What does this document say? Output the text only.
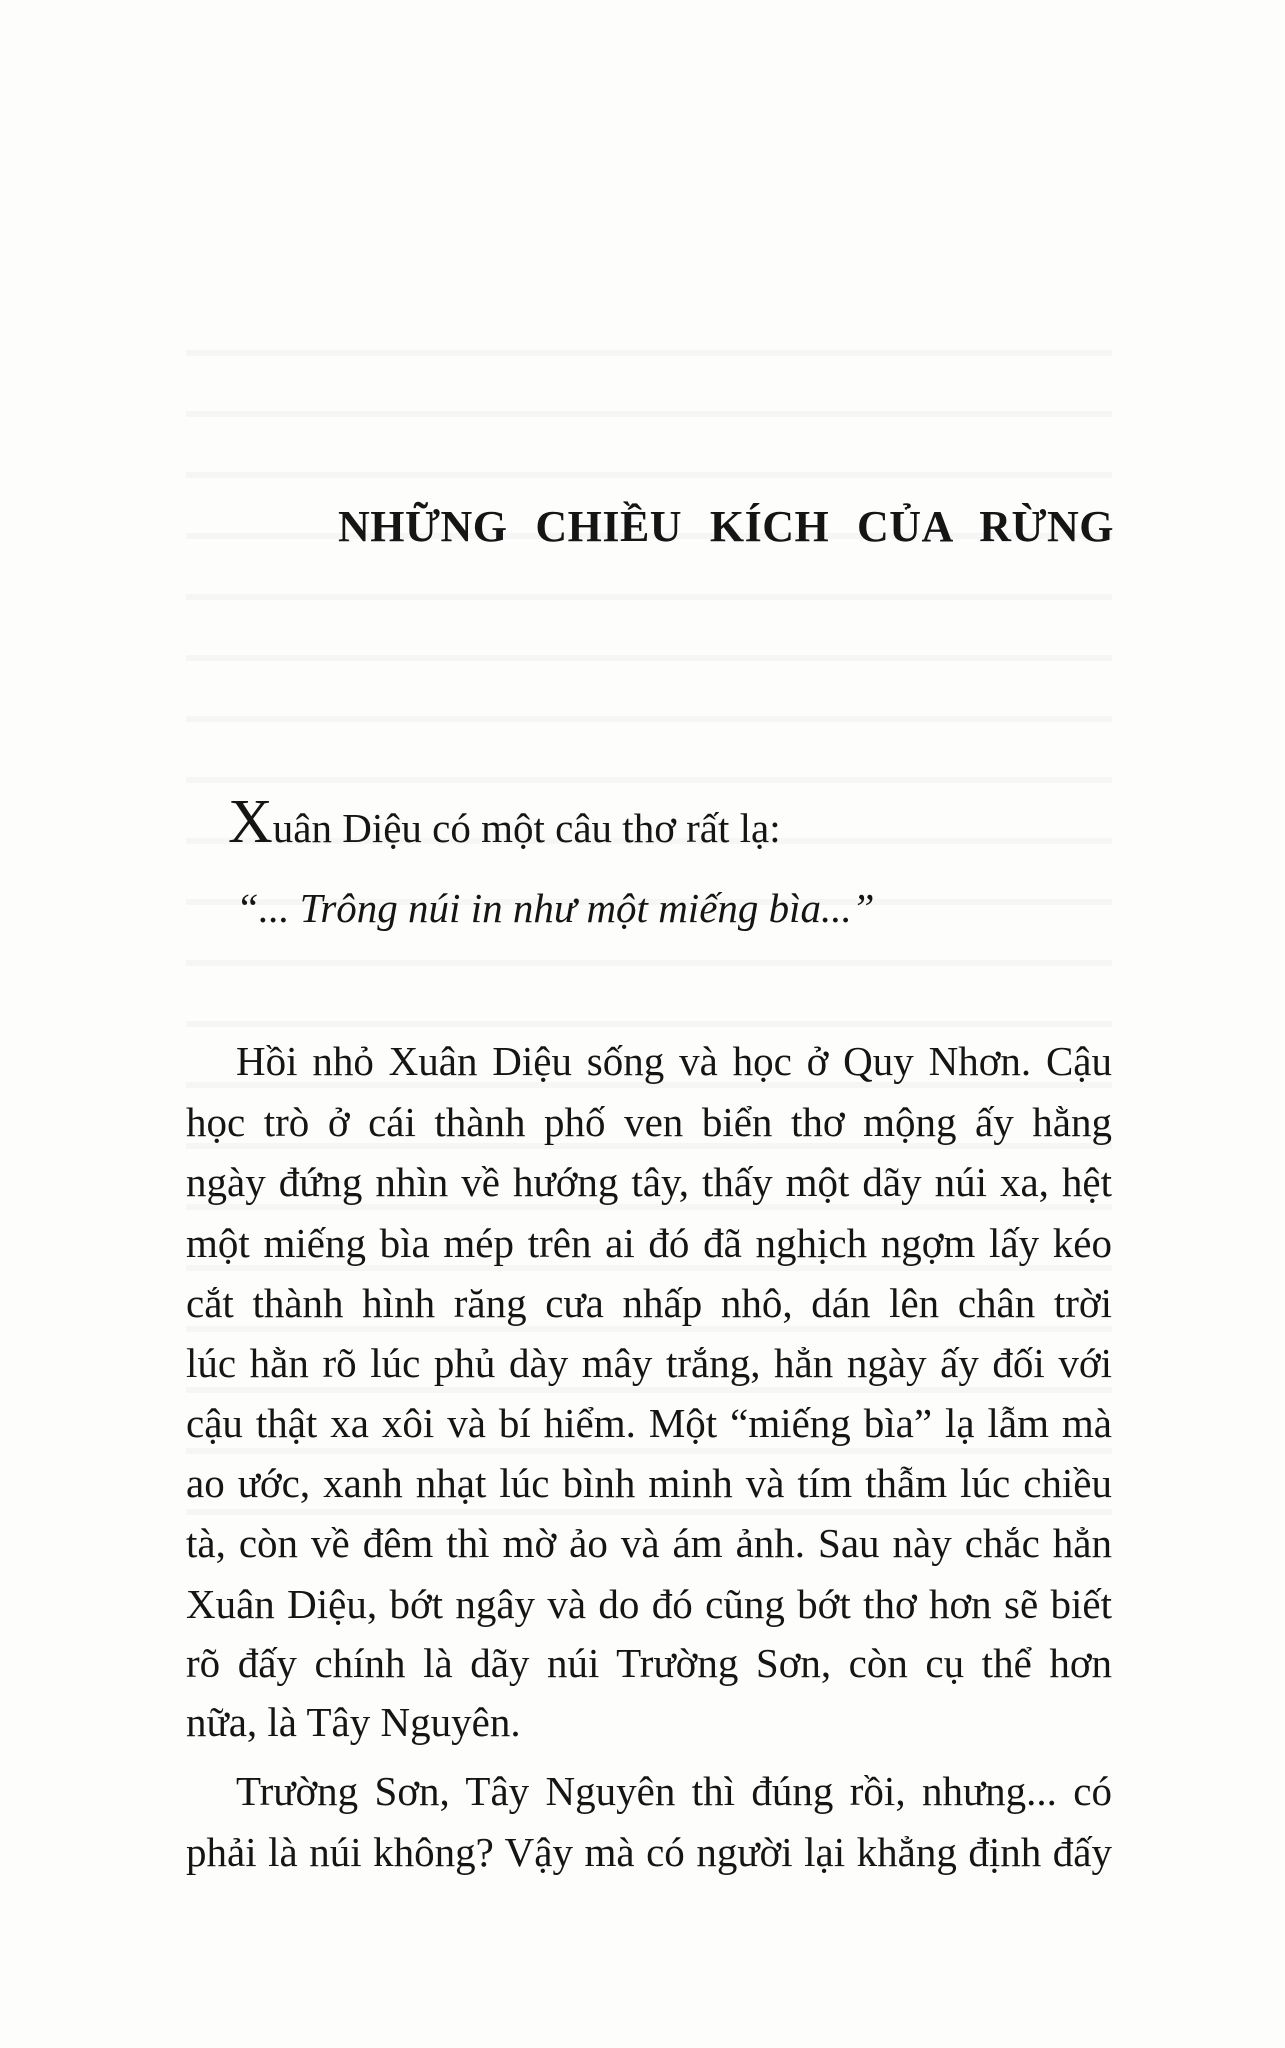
NHỮNG CHIỀU KÍCH CỦA RỪNG
Xuân Diệu có một câu thơ rất lạ:
“... Trông núi in như một miếng bìa...”
Hồi nhỏ Xuân Diệu sống và học ở Quy Nhơn. Cậu
học trò ở cái thành phố ven biển thơ mộng ấy hằng
ngày đứng nhìn về hướng tây, thấy một dãy núi xa, hệt
một miếng bìa mép trên ai đó đã nghịch ngợm lấy kéo
cắt thành hình răng cưa nhấp nhô, dán lên chân trời
lúc hằn rõ lúc phủ dày mây trắng, hẳn ngày ấy đối với
cậu thật xa xôi và bí hiểm. Một “miếng bìa” lạ lẫm mà
ao ước, xanh nhạt lúc bình minh và tím thẫm lúc chiều
tà, còn về đêm thì mờ ảo và ám ảnh. Sau này chắc hẳn
Xuân Diệu, bớt ngây và do đó cũng bớt thơ hơn sẽ biết
rõ đấy chính là dãy núi Trường Sơn, còn cụ thể hơn
nữa, là Tây Nguyên.
Trường Sơn, Tây Nguyên thì đúng rồi, nhưng... có
phải là núi không? Vậy mà có người lại khẳng định đấy
